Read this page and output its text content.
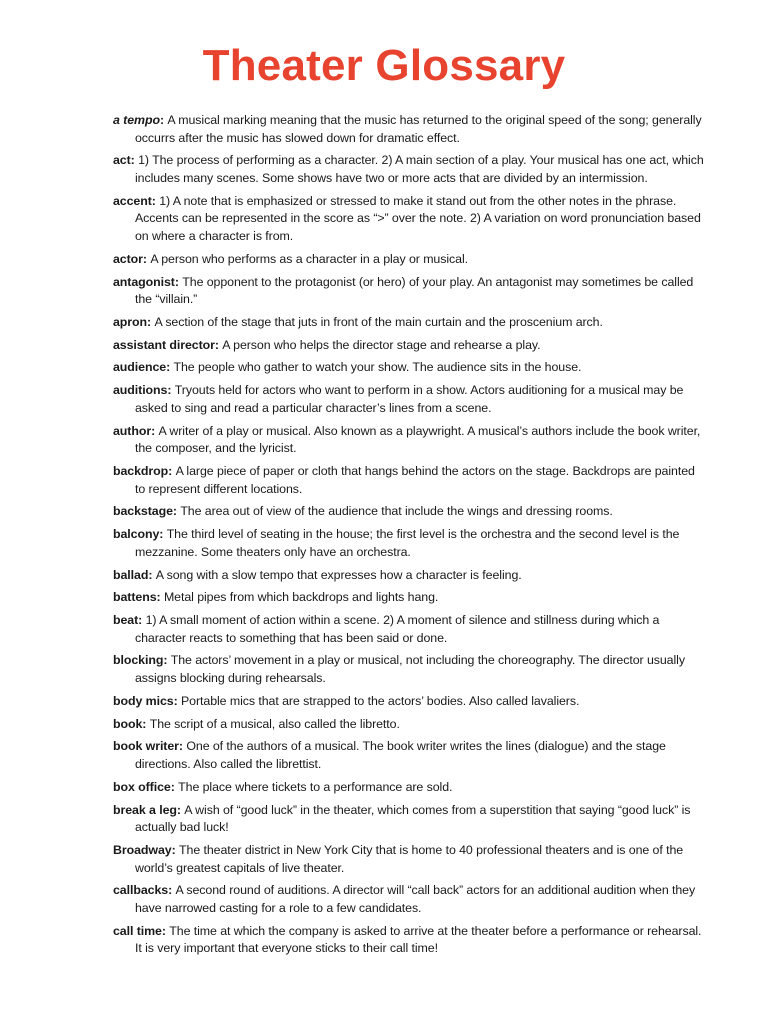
Theater Glossary
a tempo: A musical marking meaning that the music has returned to the original speed of the song; generally occurrs after the music has slowed down for dramatic effect.
act: 1) The process of performing as a character. 2) A main section of a play. Your musical has one act, which includes many scenes. Some shows have two or more acts that are divided by an intermission.
accent: 1) A note that is emphasized or stressed to make it stand out from the other notes in the phrase. Accents can be represented in the score as “>” over the note. 2) A variation on word pronunciation based on where a character is from.
actor: A person who performs as a character in a play or musical.
antagonist: The opponent to the protagonist (or hero) of your play. An antagonist may sometimes be called the “villain.”
apron: A section of the stage that juts in front of the main curtain and the proscenium arch.
assistant director: A person who helps the director stage and rehearse a play.
audience: The people who gather to watch your show. The audience sits in the house.
auditions: Tryouts held for actors who want to perform in a show. Actors auditioning for a musical may be asked to sing and read a particular character’s lines from a scene.
author: A writer of a play or musical. Also known as a playwright. A musical’s authors include the book writer, the composer, and the lyricist.
backdrop: A large piece of paper or cloth that hangs behind the actors on the stage. Backdrops are painted to represent different locations.
backstage: The area out of view of the audience that include the wings and dressing rooms.
balcony: The third level of seating in the house; the first level is the orchestra and the second level is the mezzanine. Some theaters only have an orchestra.
ballad: A song with a slow tempo that expresses how a character is feeling.
battens: Metal pipes from which backdrops and lights hang.
beat: 1) A small moment of action within a scene. 2) A moment of silence and stillness during which a character reacts to something that has been said or done.
blocking: The actors’ movement in a play or musical, not including the choreography. The director usually assigns blocking during rehearsals.
body mics: Portable mics that are strapped to the actors’ bodies. Also called lavaliers.
book: The script of a musical, also called the libretto.
book writer: One of the authors of a musical. The book writer writes the lines (dialogue) and the stage directions. Also called the librettist.
box office: The place where tickets to a performance are sold.
break a leg: A wish of “good luck” in the theater, which comes from a superstition that saying “good luck” is actually bad luck!
Broadway: The theater district in New York City that is home to 40 professional theaters and is one of the world’s greatest capitals of live theater.
callbacks: A second round of auditions. A director will “call back” actors for an additional audition when they have narrowed casting for a role to a few candidates.
call time: The time at which the company is asked to arrive at the theater before a performance or rehearsal. It is very important that everyone sticks to their call time!
